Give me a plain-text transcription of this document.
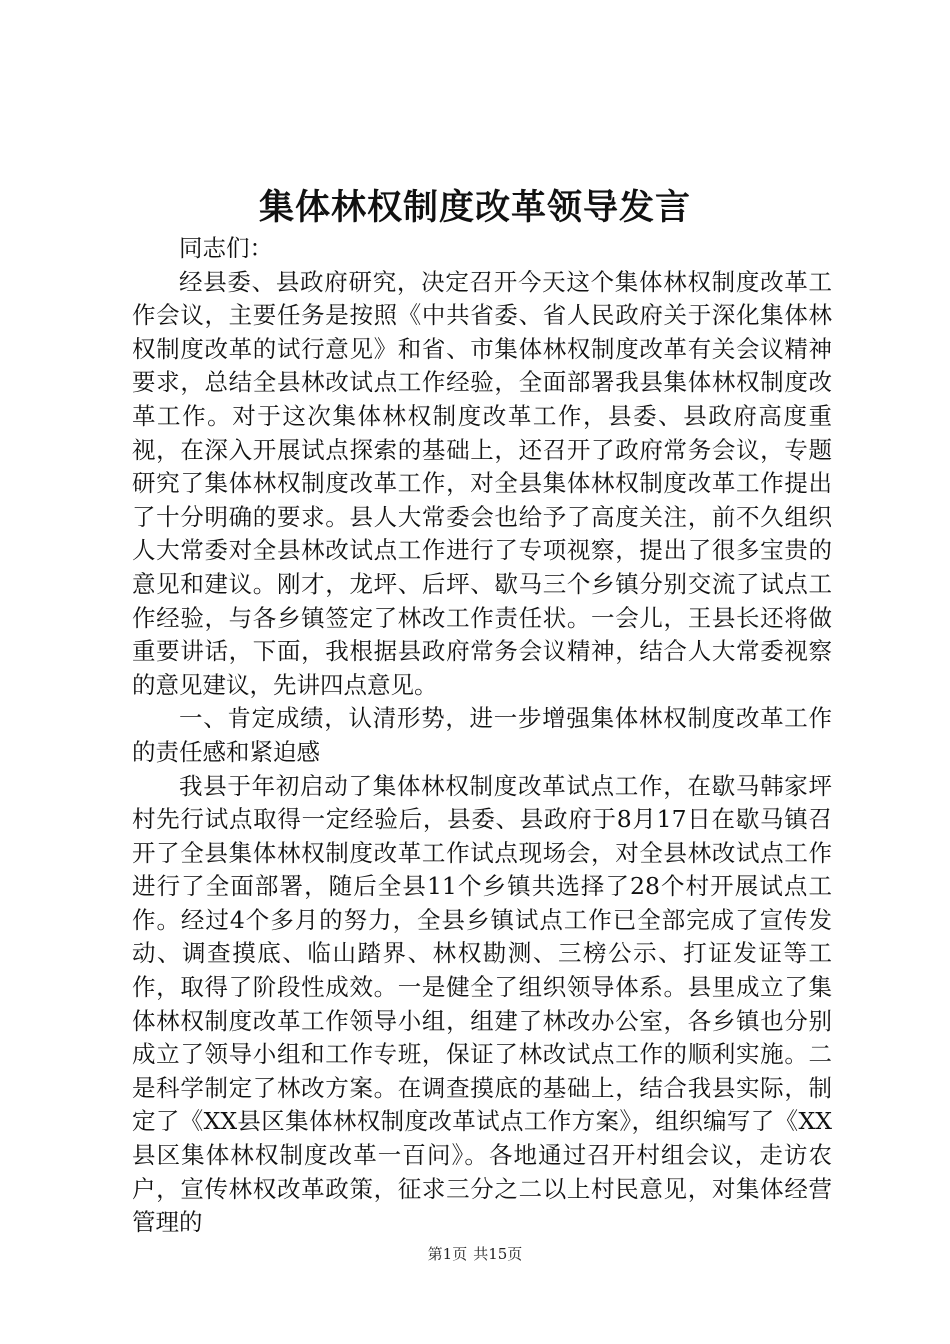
集体林权制度改革领导发言

同志们：

经县委、县政府研究，决定召开今天这个集体林权制度改革工作会议，主要任务是按照《中共省委、省人民政府关于深化集体林权制度改革的试行意见》和省、市集体林权制度改革有关会议精神要求，总结全县林改试点工作经验，全面部署我县集体林权制度改革工作。对于这次集体林权制度改革工作，县委、县政府高度重视，在深入开展试点探索的基础上，还召开了政府常务会议，专题研究了集体林权制度改革工作，对全县集体林权制度改革工作提出了十分明确的要求。县人大常委会也给予了高度关注，前不久组织人大常委对全县林改试点工作进行了专项视察，提出了很多宝贵的意见和建议。刚才，龙坪、后坪、歇马三个乡镇分别交流了试点工作经验，与各乡镇签定了林改工作责任状。一会儿，王县长还将做重要讲话，下面，我根据县政府常务会议精神，结合人大常委视察的意见建议，先讲四点意见。

一、肯定成绩，认清形势，进一步增强集体林权制度改革工作的责任感和紧迫感

我县于年初启动了集体林权制度改革试点工作，在歇马韩家坪村先行试点取得一定经验后，县委、县政府于8月17日在歇马镇召开了全县集体林权制度改革工作试点现场会，对全县林改试点工作进行了全面部署，随后全县11个乡镇共选择了28个村开展试点工作。经过4个多月的努力，全县乡镇试点工作已全部完成了宣传发动、调查摸底、临山踏界、林权勘测、三榜公示、打证发证等工作，取得了阶段性成效。一是健全了组织领导体系。县里成立了集体林权制度改革工作领导小组，组建了林改办公室，各乡镇也分别成立了领导小组和工作专班，保证了林改试点工作的顺利实施。二是科学制定了林改方案。在调查摸底的基础上，结合我县实际，制定了《XX县区集体林权制度改革试点工作方案》，组织编写了《XX县区集体林权制度改革一百问》。各地通过召开村组会议，走访农户，宣传林权改革政策，征求三分之二以上村民意见，对集体经营管理的

第1页 共15页
